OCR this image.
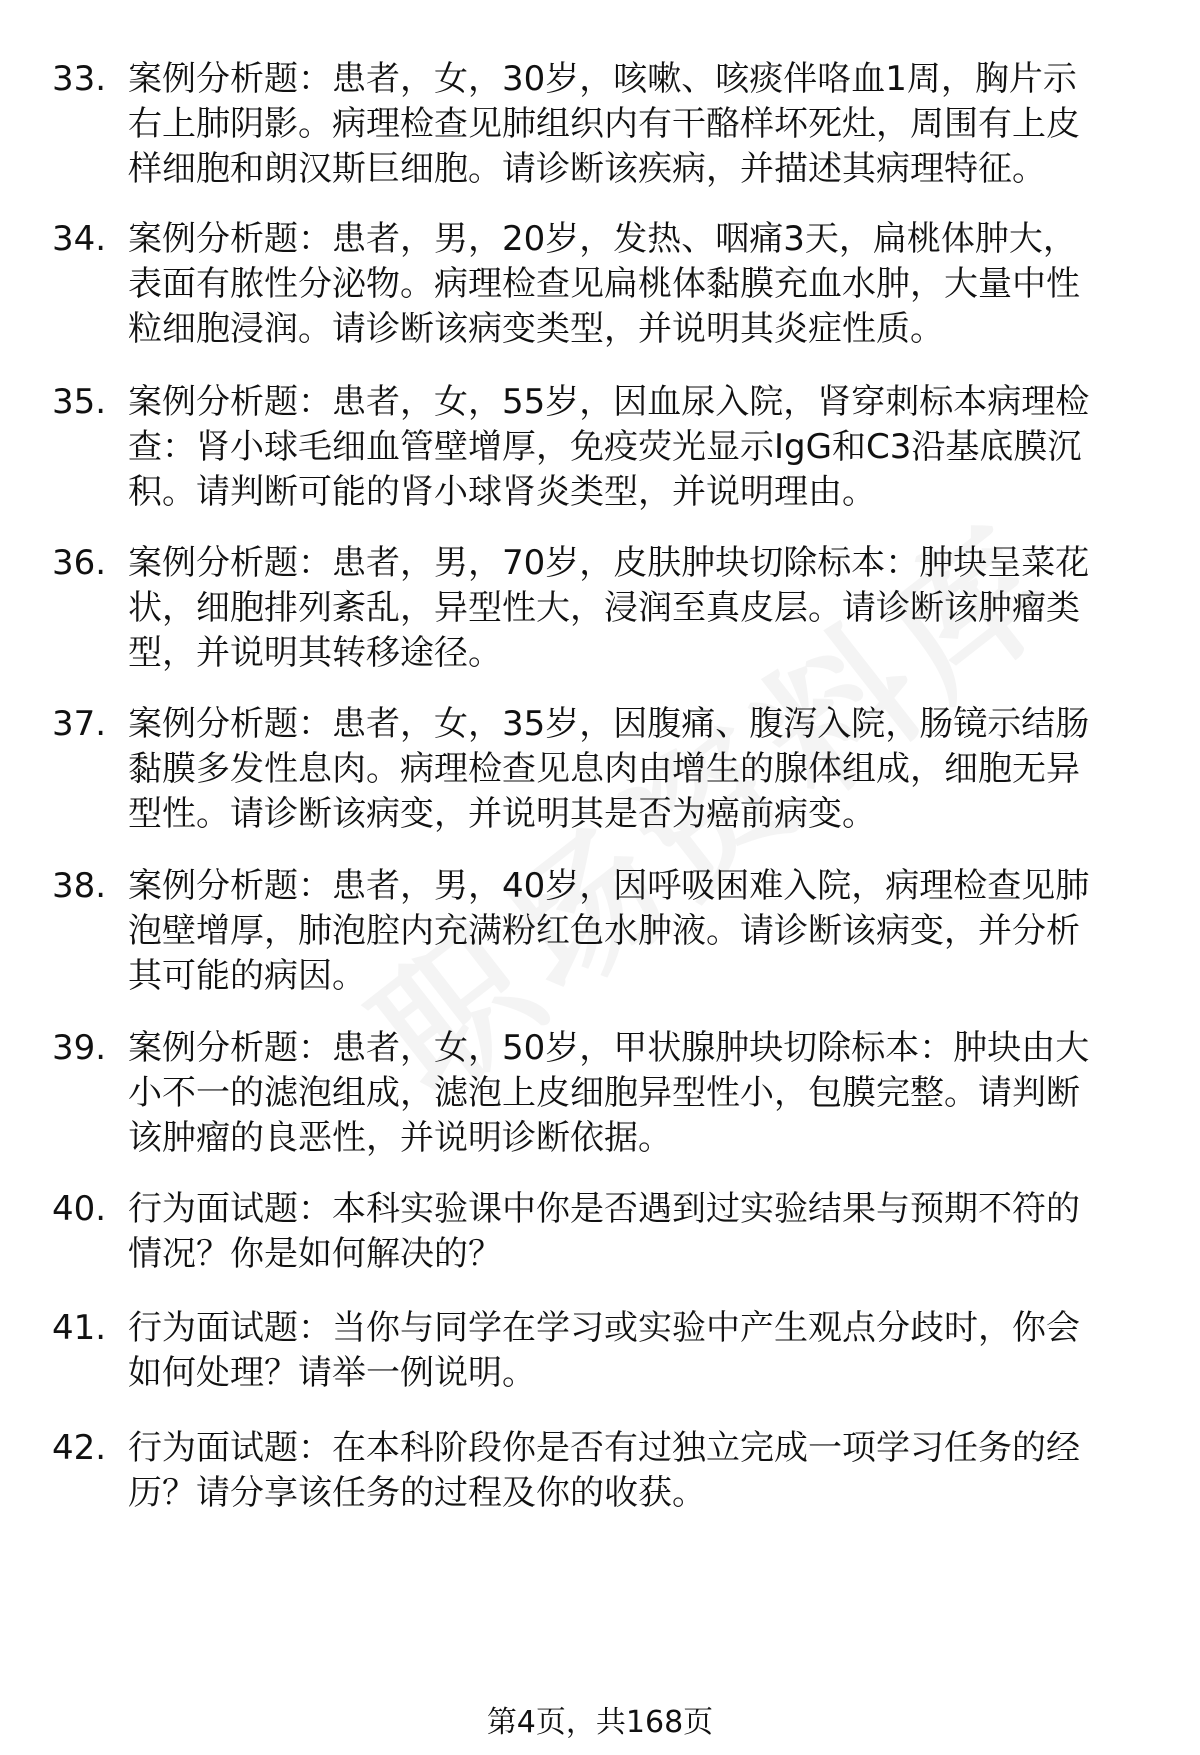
33. 案例分析题：患者，女，30岁，咳嗽、咳痰伴咯血1周，胸片示
右上肺阴影。病理检查见肺组织内有干酪样坏死灶，周围有上皮
样细胞和朗汉斯巨细胞。请诊断该疾病，并描述其病理特征。
34. 案例分析题：患者，男，20岁，发热、咽痛3天，扁桃体肿大，
表面有脓性分泌物。病理检查见扁桃体黏膜充血水肿，大量中性
粒细胞浸润。请诊断该病变类型，并说明其炎症性质。
35. 案例分析题：患者，女，55岁，因血尿入院，肾穿刺标本病理检
查：肾小球毛细血管壁增厚，免疫荧光显示IgG和C3沿基底膜沉
积。请判断可能的肾小球肾炎类型，并说明理由。
36. 案例分析题：患者，男，70岁，皮肤肿块切除标本：肿块呈菜花
状，细胞排列紊乱，异型性大，浸润至真皮层。请诊断该肿瘤类
型，并说明其转移途径。
37. 案例分析题：患者，女，35岁，因腹痛、腹泻入院，肠镜示结肠
黏膜多发性息肉。病理检查见息肉由增生的腺体组成，细胞无异
型性。请诊断该病变，并说明其是否为癌前病变。
38. 案例分析题：患者，男，40岁，因呼吸困难入院，病理检查见肺
泡壁增厚，肺泡腔内充满粉红色水肿液。请诊断该病变，并分析
其可能的病因。
39. 案例分析题：患者，女，50岁，甲状腺肿块切除标本：肿块由大
小不一的滤泡组成，滤泡上皮细胞异型性小，包膜完整。请判断
该肿瘤的良恶性，并说明诊断依据。
40. 行为面试题：本科实验课中你是否遇到过实验结果与预期不符的
情况？你是如何解决的？
41. 行为面试题：当你与同学在学习或实验中产生观点分歧时，你会
如何处理？请举一例说明。
42. 行为面试题：在本科阶段你是否有过独立完成一项学习任务的经
历？请分享该任务的过程及你的收获。
第4页，共168页
